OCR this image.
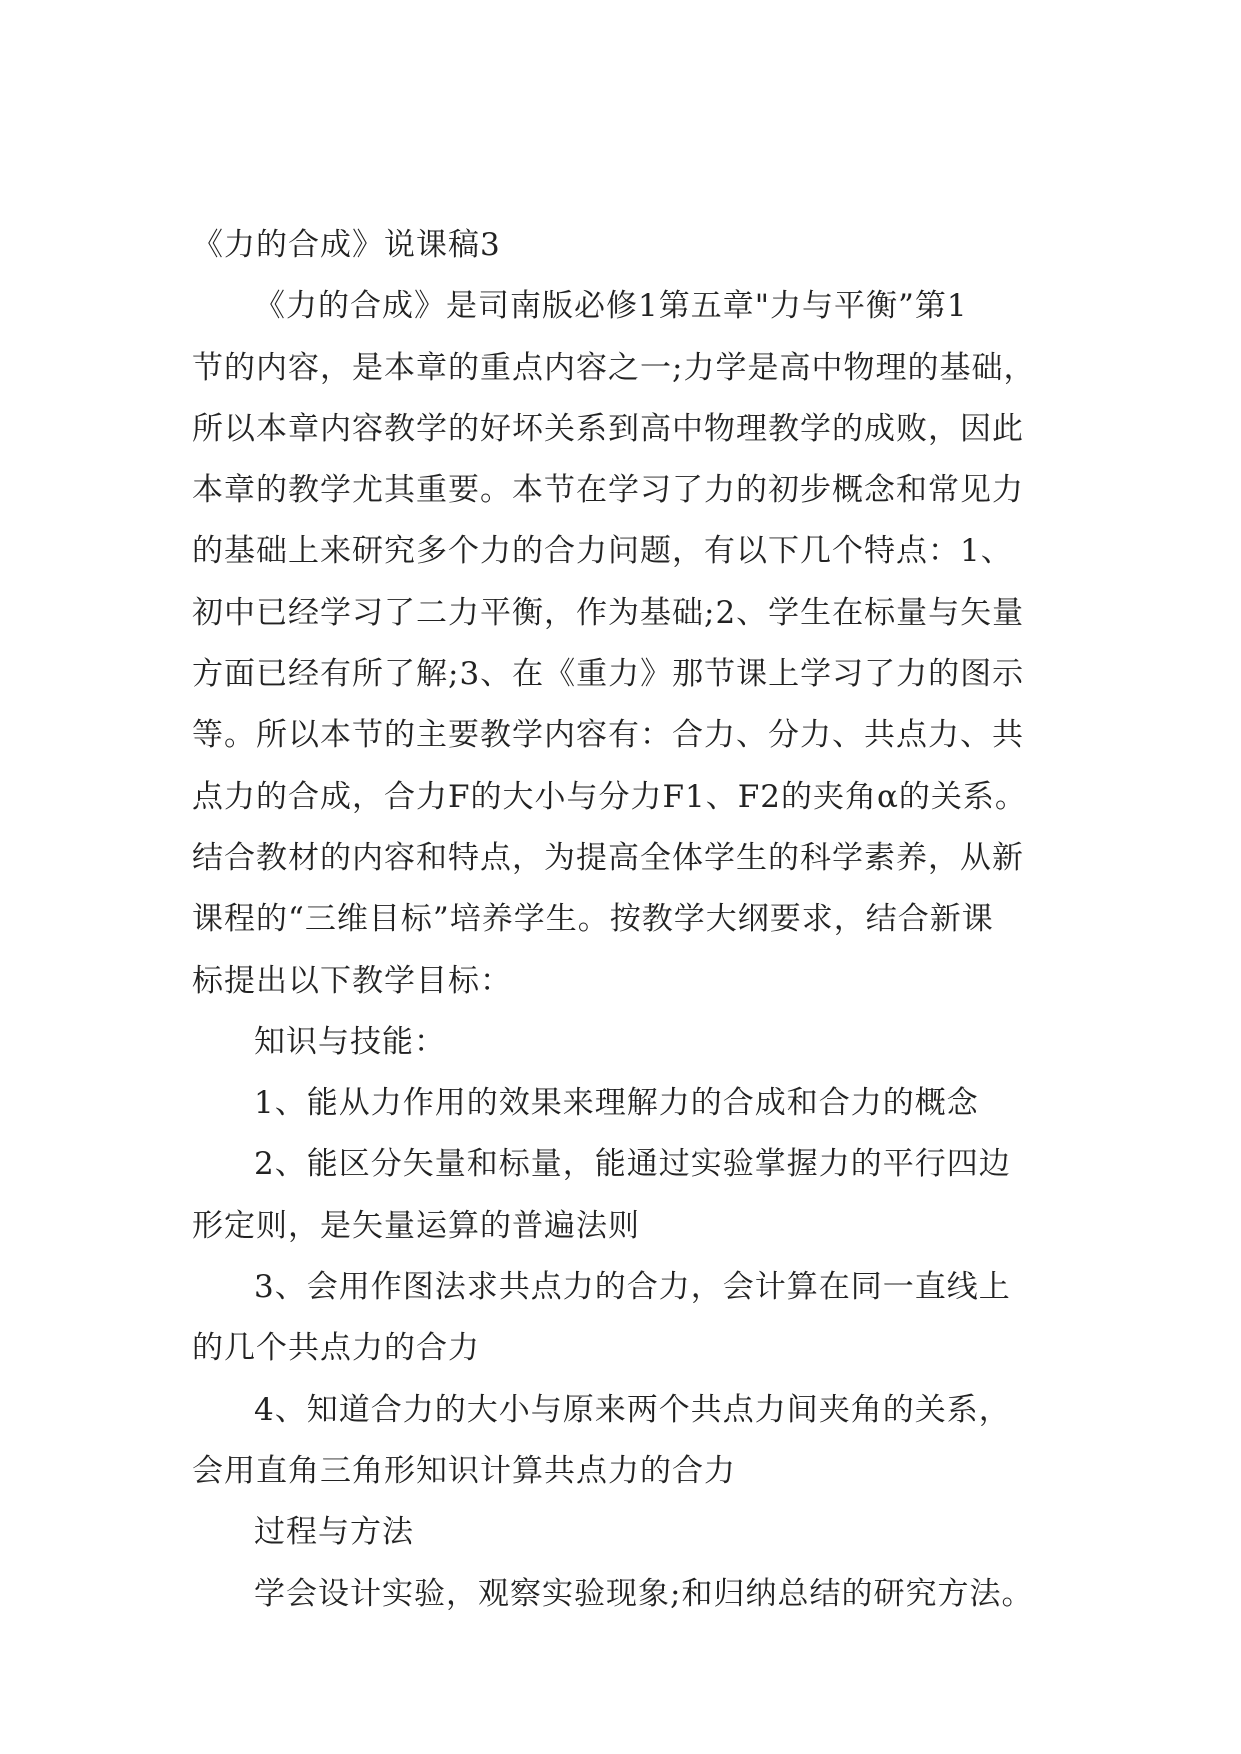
《力的合成》说课稿3
《力的合成》是司南版必修1第五章"力与平衡”第1
节的内容，是本章的重点内容之一;力学是高中物理的基础，
所以本章内容教学的好坏关系到高中物理教学的成败，因此
本章的教学尤其重要。本节在学习了力的初步概念和常见力
的基础上来研究多个力的合力问题，有以下几个特点：1、
初中已经学习了二力平衡，作为基础;2、学生在标量与矢量
方面已经有所了解;3、在《重力》那节课上学习了力的图示
等。所以本节的主要教学内容有：合力、分力、共点力、共
点力的合成，合力F的大小与分力F1、F2的夹角α的关系。
结合教材的内容和特点，为提高全体学生的科学素养，从新
课程的“三维目标”培养学生。按教学大纲要求，结合新课
标提出以下教学目标：
知识与技能：
1、能从力作用的效果来理解力的合成和合力的概念
2、能区分矢量和标量，能通过实验掌握力的平行四边
形定则，是矢量运算的普遍法则
3、会用作图法求共点力的合力，会计算在同一直线上
的几个共点力的合力
4、知道合力的大小与原来两个共点力间夹角的关系，
会用直角三角形知识计算共点力的合力
过程与方法
学会设计实验，观察实验现象;和归纳总结的研究方法。
